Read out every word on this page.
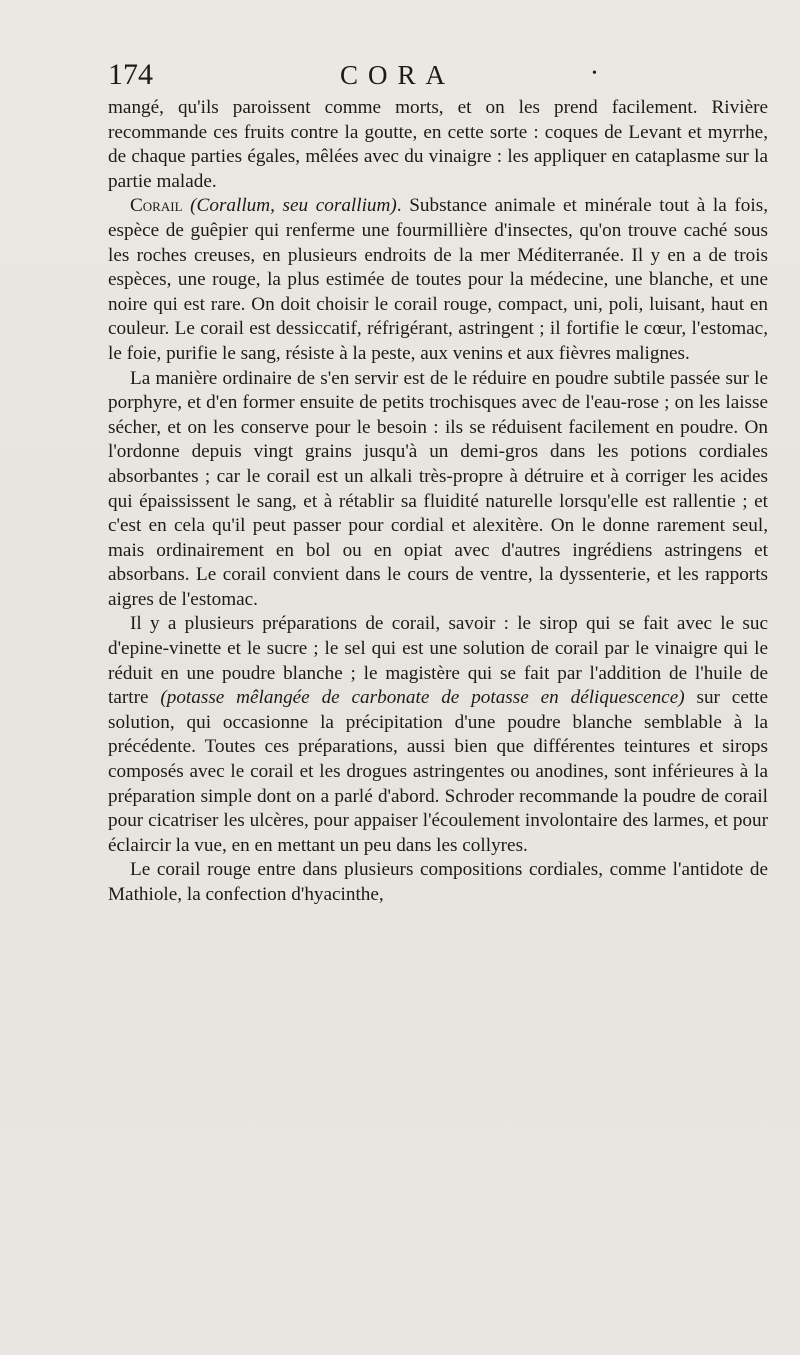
174	CORA	•

mangé, qu'ils paroissent comme morts, et on les prend facilement. Rivière recommande ces fruits contre la goutte, en cette sorte : coques de Levant et myrrhe, de chaque parties égales, mêlées avec du vinaigre : les appliquer en cataplasme sur la partie malade.

Corail (Corallum, seu corallium). Substance animale et minérale tout à la fois, espèce de guêpier qui renferme une fourmillière d'insectes, qu'on trouve caché sous les roches creuses, en plusieurs endroits de la mer Méditerranée. Il y en a de trois espèces, une rouge, la plus estimée de toutes pour la médecine, une blanche, et une noire qui est rare. On doit choisir le corail rouge, compact, uni, poli, luisant, haut en couleur. Le corail est dessiccatif, réfrigérant, astringent ; il fortifie le cœur, l'estomac, le foie, purifie le sang, résiste à la peste, aux venins et aux fièvres malignes.

La manière ordinaire de s'en servir est de le réduire en poudre subtile passée sur le porphyre, et d'en former ensuite de petits trochisques avec de l'eau-rose ; on les laisse sécher, et on les conserve pour le besoin : ils se réduisent facilement en poudre. On l'ordonne depuis vingt grains jusqu'à un demi-gros dans les potions cordiales absorbantes ; car le corail est un alkali très-propre à détruire et à corriger les acides qui épaississent le sang, et à rétablir sa fluidité naturelle lorsqu'elle est rallentie ; et c'est en cela qu'il peut passer pour cordial et alexitère. On le donne rarement seul, mais ordinairement en bol ou en opiat avec d'autres ingrédiens astringens et absorbans. Le corail convient dans le cours de ventre, la dyssenterie, et les rapports aigres de l'estomac.

Il y a plusieurs préparations de corail, savoir : le sirop qui se fait avec le suc d'epine-vinette et le sucre ; le sel qui est une solution de corail par le vinaigre qui le réduit en une poudre blanche ; le magistère qui se fait par l'addition de l'huile de tartre (potasse mêlangée de carbonate de potasse en déliquescence) sur cette solution, qui occasionne la précipitation d'une poudre blanche semblable à la précédente. Toutes ces préparations, aussi bien que différentes teintures et sirops composés avec le corail et les drogues astringentes ou anodines, sont inférieures à la préparation simple dont on a parlé d'abord. Schroder recommande la poudre de corail pour cicatriser les ulcères, pour appaiser l'écoulement involontaire des larmes, et pour éclaircir la vue, en en mettant un peu dans les collyres.

Le corail rouge entre dans plusieurs compositions cordiales, comme l'antidote de Mathiole, la confection d'hyacinthe,
